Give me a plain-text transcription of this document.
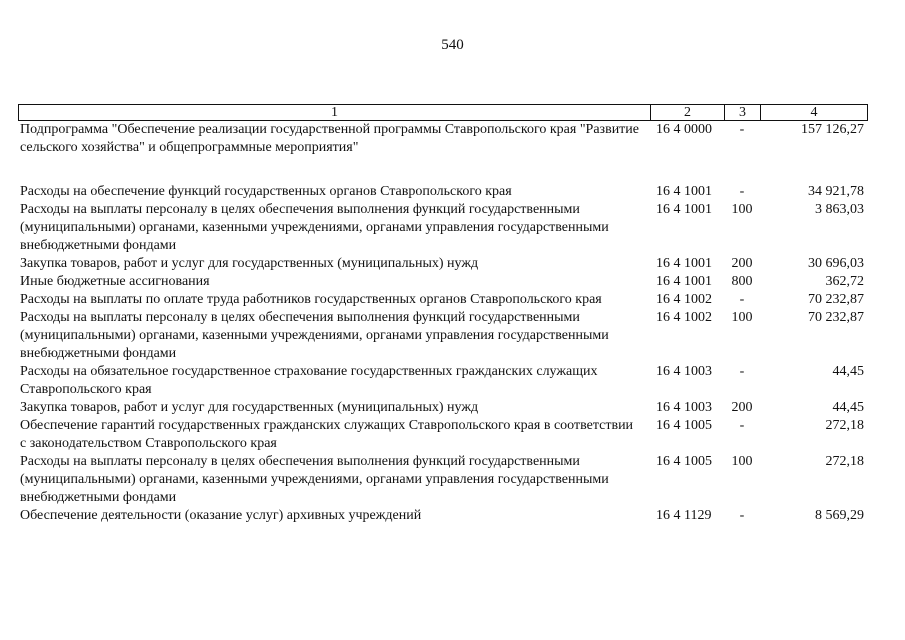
540
1	2	3	4
Подпрограмма "Обеспечение реализации государственной программы Ставропольского края "Развитие сельского хозяйства" и общепрограммные мероприятия"
16 4 0000	-	157 126,27
Расходы на обеспечение функций государственных органов Ставропольского края	16 4 1001	-	34 921,78
Расходы на выплаты персоналу в целях обеспечения выполнения функций государственными (муниципальными) органами, казенными учреждениями, органами управления государственными внебюджетными фондами
16 4 1001	100	3 863,03
Закупка товаров, работ и услуг для государственных (муниципальных) нужд	16 4 1001	200	30 696,03
Иные бюджетные ассигнования	16 4 1001	800	362,72
Расходы на выплаты по оплате труда работников государственных органов Ставропольского края	16 4 1002	-	70 232,87
Расходы на выплаты персоналу в целях обеспечения выполнения функций государственными (муниципальными) органами, казенными учреждениями, органами управления государственными внебюджетными фондами
16 4 1002	100	70 232,87
Расходы на обязательное государственное страхование государственных гражданских служащих Ставропольского края
16 4 1003	-	44,45
Закупка товаров, работ и услуг для государственных (муниципальных) нужд	16 4 1003	200	44,45
Обеспечение гарантий государственных гражданских служащих Ставропольского края в соответствии с законодательством Ставропольского края
16 4 1005	-	272,18
Расходы на выплаты персоналу в целях обеспечения выполнения функций государственными (муниципальными) органами, казенными учреждениями, органами управления государственными внебюджетными фондами
16 4 1005	100	272,18
Обеспечение деятельности (оказание услуг) архивных учреждений	16 4 1129	-	8 569,29
